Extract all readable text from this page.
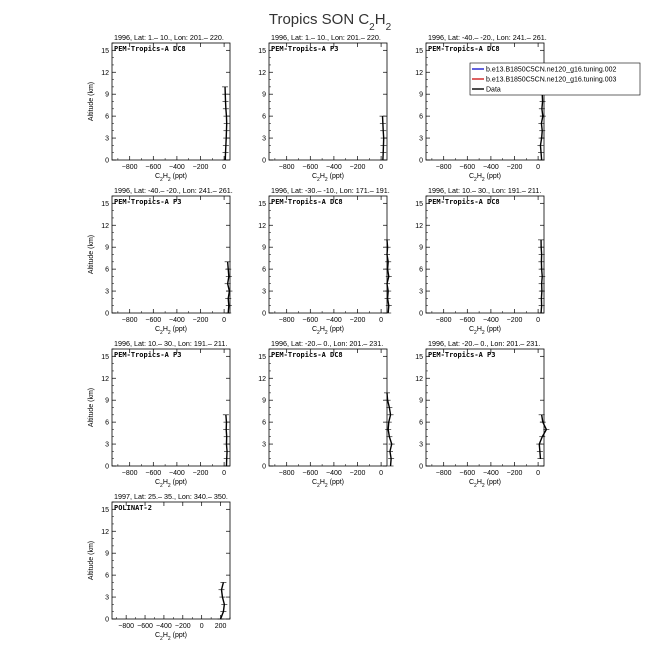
Tropics SON $C_2H_2$
1996, Lat: 1.– 10., Lon: 201.– 220.
PEM-Tropics-A DC8
0
3
6
9
12
15
−800 −600 −400 −200 0
$C_2H_2$ (ppt)
Altitude (km)
1996, Lat: 1.– 10., Lon: 201.– 220.
PEM-Tropics-A P3
0
3
6
9
12
15
−800 −600 −400 −200 0
$C_2H_2$ (ppt)
1996, Lat: -40.– -20., Lon: 241.– 261.
PEM-Tropics-A DC8
0
3
6
9
12
15
−800 −600 −400 −200 0
$C_2H_2$ (ppt)
1996, Lat: -40.– -20., Lon: 241.– 261.
PEM-Tropics-A P3
0
3
6
9
12
15
−800 −600 −400 −200 0
$C_2H_2$ (ppt)
Altitude (km)
1996, Lat: -30.– -10., Lon: 171.– 191.
PEM-Tropics-A DC8
0
3
6
9
12
15
−800 −600 −400 −200 0
$C_2H_2$ (ppt)
1996, Lat: 10.– 30., Lon: 191.– 211.
PEM-Tropics-A DC8
0
3
6
9
12
15
−800 −600 −400 −200 0
$C_2H_2$ (ppt)
1996, Lat: 10.– 30., Lon: 191.– 211.
PEM-Tropics-A P3
0
3
6
9
12
15
−800 −600 −400 −200 0
$C_2H_2$ (ppt)
Altitude (km)
1996, Lat: -20.– 0., Lon: 201.– 231.
PEM-Tropics-A DC8
0
3
6
9
12
15
−800 −600 −400 −200 0
$C_2H_2$ (ppt)
1996, Lat: -20.– 0., Lon: 201.– 231.
PEM-Tropics-A P3
0
3
6
9
12
15
−800 −600 −400 −200 0
$C_2H_2$ (ppt)
1997, Lat: 25.– 35., Lon: 340.– 350.
POLINAT-2
0
3
6
9
12
15
−800 −600 −400 −200 0 200
$C_2H_2$ (ppt)
Altitude (km)
b.e13.B1850C5CN.ne120_g16.tuning.002
b.e13.B1850C5CN.ne120_g16.tuning.003
Data
